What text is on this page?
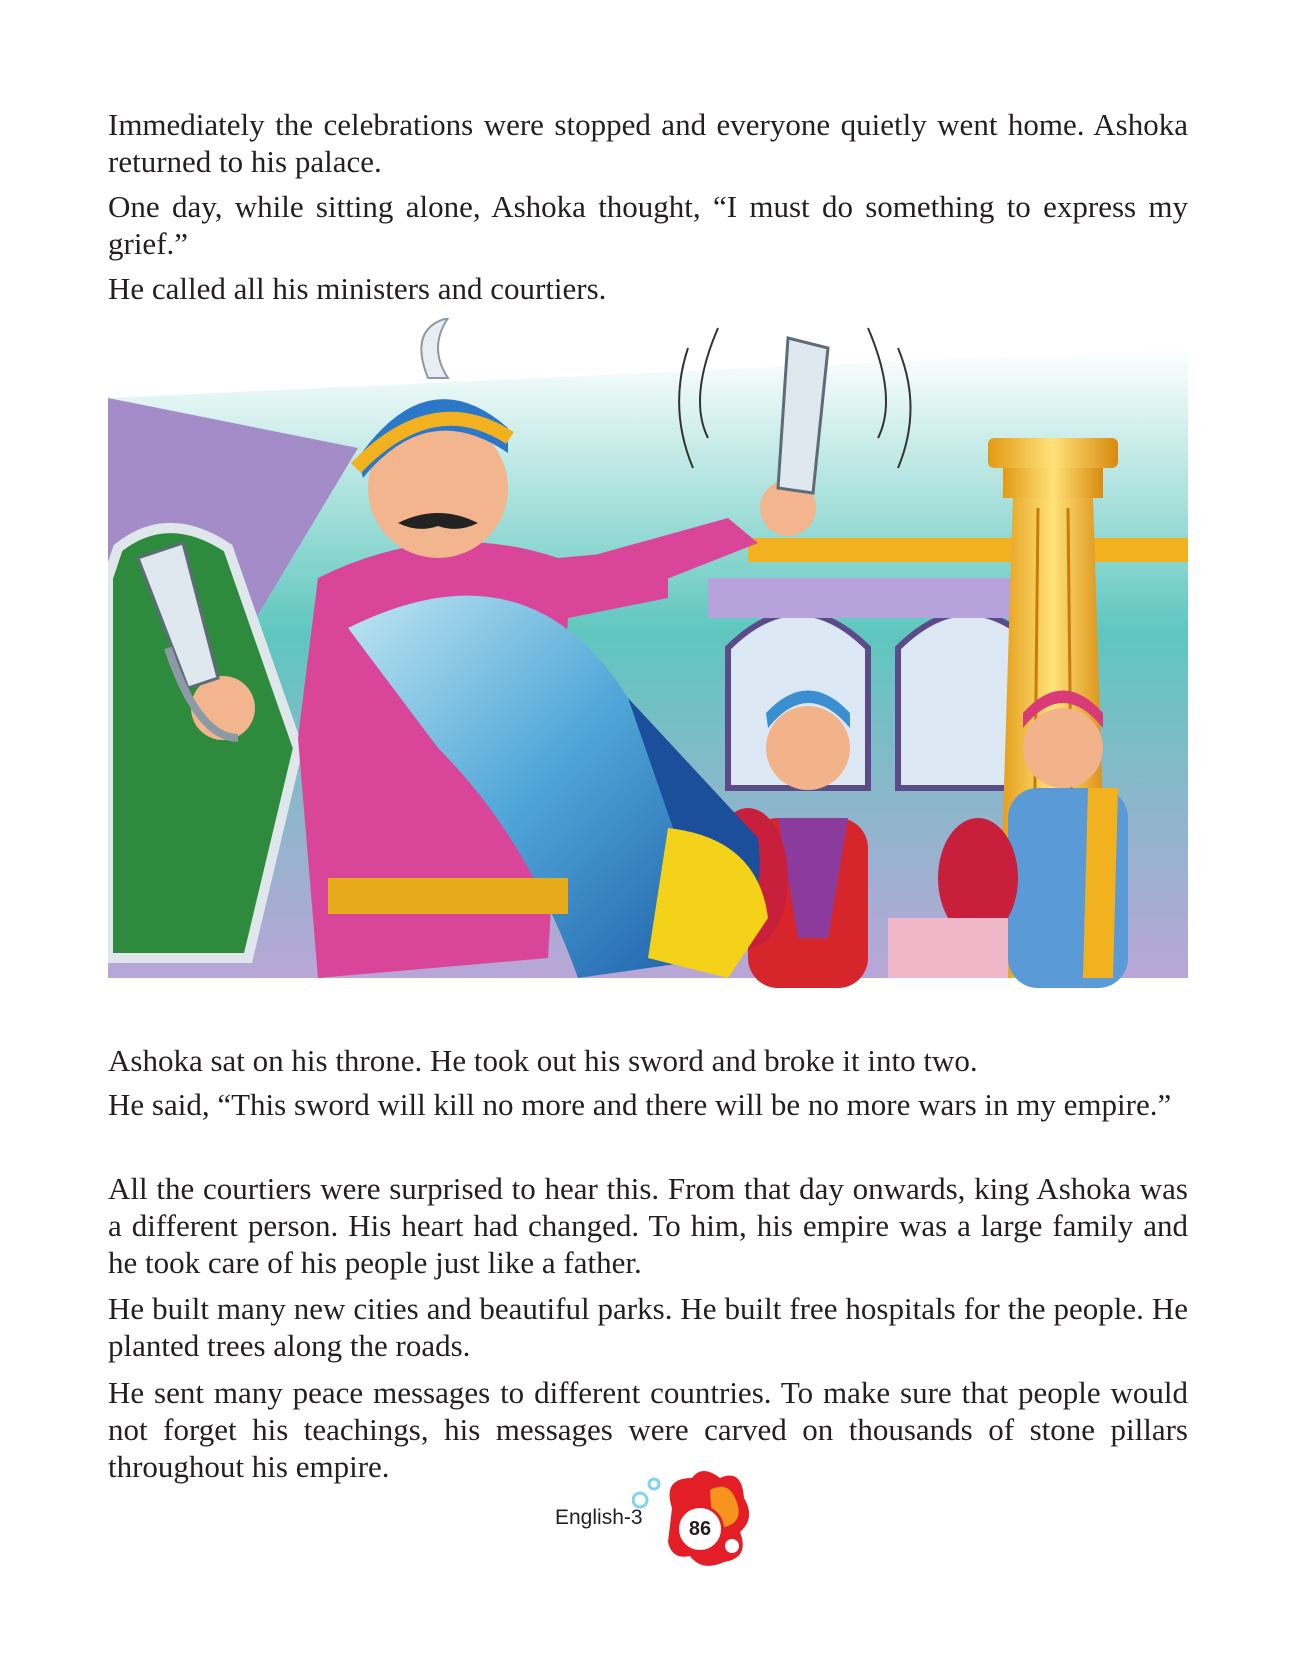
Immediately the celebrations were stopped and everyone quietly went home. Ashoka returned to his palace.

One day, while sitting alone, Ashoka thought, “I must do something to express my grief.”

He called all his ministers and courtiers.

Ashoka sat on his throne. He took out his sword and broke it into two.

He said, “This sword will kill no more and there will be no more wars in my empire.”

All the courtiers were surprised to hear this. From that day onwards, king Ashoka was a different person. His heart had changed. To him, his empire was a large family and he took care of his people just like a father.

He built many new cities and beautiful parks. He built free hospitals for the people. He planted trees along the roads.

He sent many peace messages to different countries. To make sure that people would not forget his teachings, his messages were carved on thousands of stone pillars throughout his empire.

English-3	86
